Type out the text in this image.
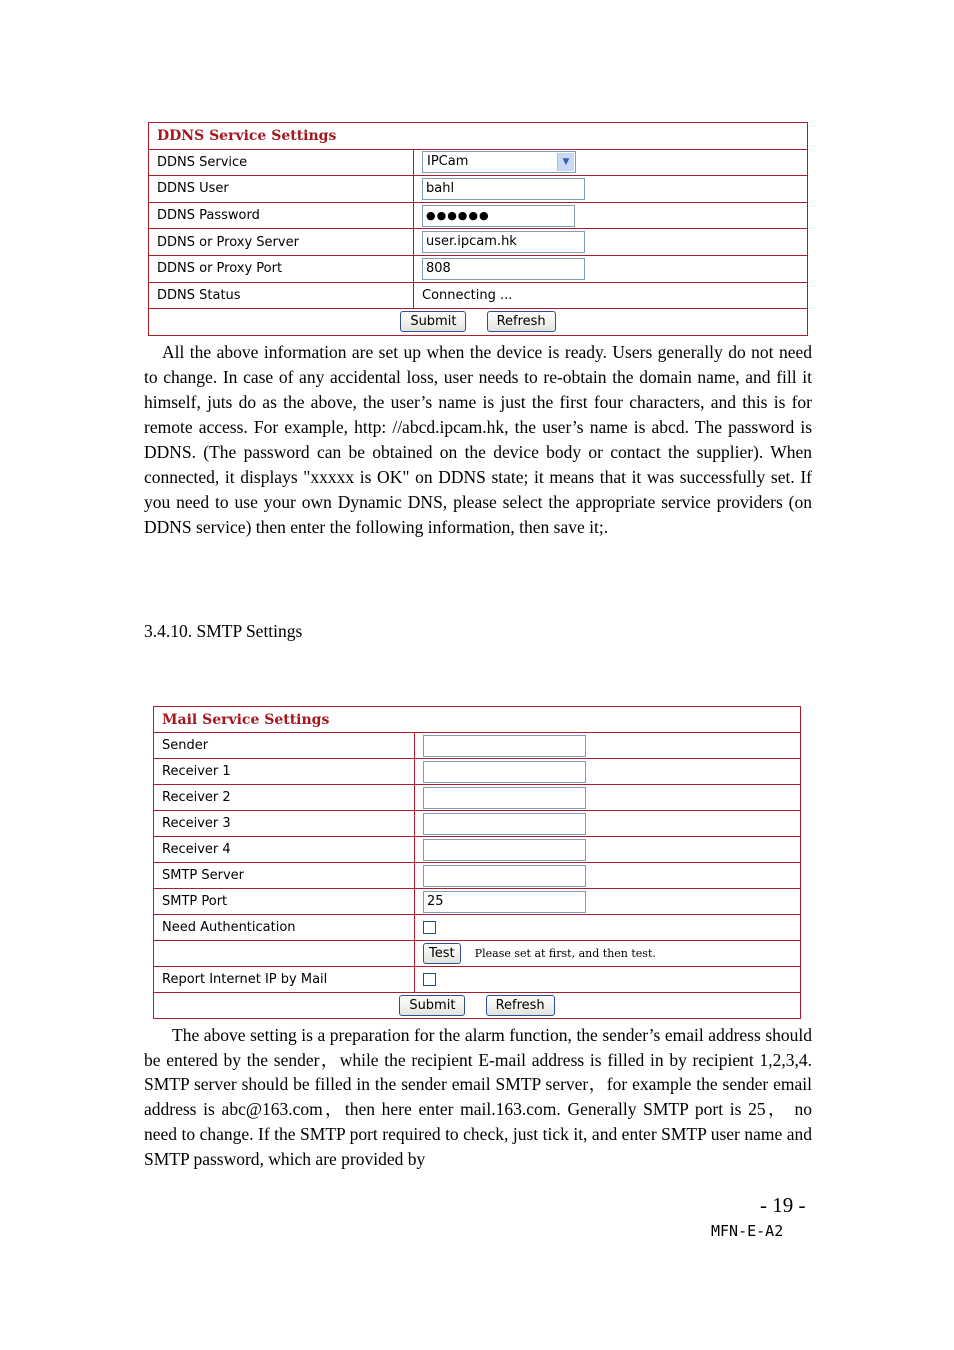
DDNS Service Settings	
DDNS Service	IPCam ▼

DDNS User	bahl
DDNS Password	●●●●●●
DDNS or Proxy Server	user.ipcam.hk
DDNS or Proxy Port	808
DDNS Status	Connecting ...
Submit Refresh	

All the above information are set up when the device is ready. Users generally do not need to change. In case of any accidental loss, user needs to re-obtain the domain name, and fill it himself, juts do as the above, the user’s name is just the first four characters, and this is for remote access. For example, http: //abcd.ipcam.hk, the user’s name is abcd. The password is DDNS. (The password can be obtained on the device body or contact the supplier). When connected, it displays "xxxxx is OK" on DDNS state; it means that it was successfully set. If you need to use your own Dynamic DNS, please select the appropriate service providers (on DDNS service) then enter the following information, then save it;.

3.4.10. SMTP Settings
Mail Service Settings	
Sender	
Receiver 1	
Receiver 2	
Receiver 3	
Receiver 4	
SMTP Server	
SMTP Port	25
Need Authentication	
	Test Please set at first, and then test.
Report Internet IP by Mail	
Submit Refresh	

The above setting is a preparation for the alarm function, the sender’s email address should be entered by the sender，while the recipient E-mail address is filled in by recipient 1,2,3,4. SMTP server should be filled in the sender email SMTP server，for example the sender email address is abc@163.com，then here enter mail.163.com. Generally SMTP port is 25， no need to change. If the SMTP port required to check, just tick it, and enter SMTP user name and SMTP password, which are provided by

- 19 -
MFN-E-A2
